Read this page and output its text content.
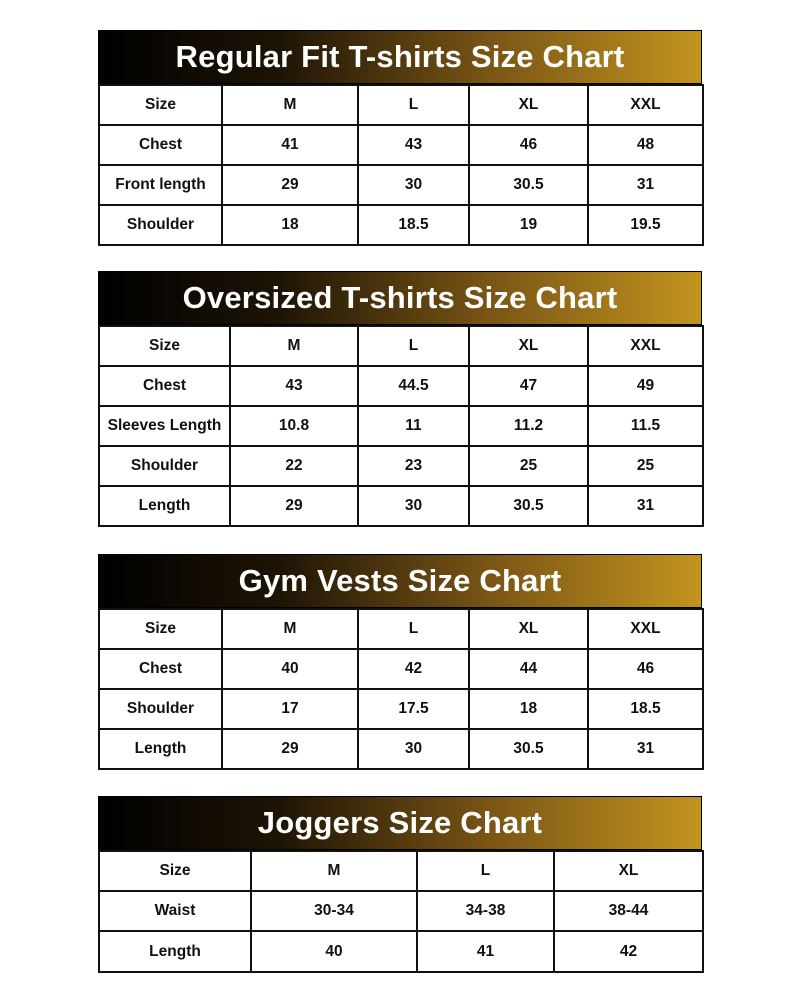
Regular Fit T-shirts Size Chart
Size	M	L	XL	XXL
Chest	41	43	46	48
Front length	29	30	30.5	31
Shoulder	18	18.5	19	19.5
Oversized T-shirts Size Chart
Size	M	L	XL	XXL
Chest	43	44.5	47	49
Sleeves Length	10.8	11	11.2	11.5
Shoulder	22	23	25	25
Length	29	30	30.5	31
Gym Vests Size Chart
Size	M	L	XL	XXL
Chest	40	42	44	46
Shoulder	17	17.5	18	18.5
Length	29	30	30.5	31
Joggers Size Chart
Size	M	L	XL
Waist	30-34	34-38	38-44
Length	40	41	42
